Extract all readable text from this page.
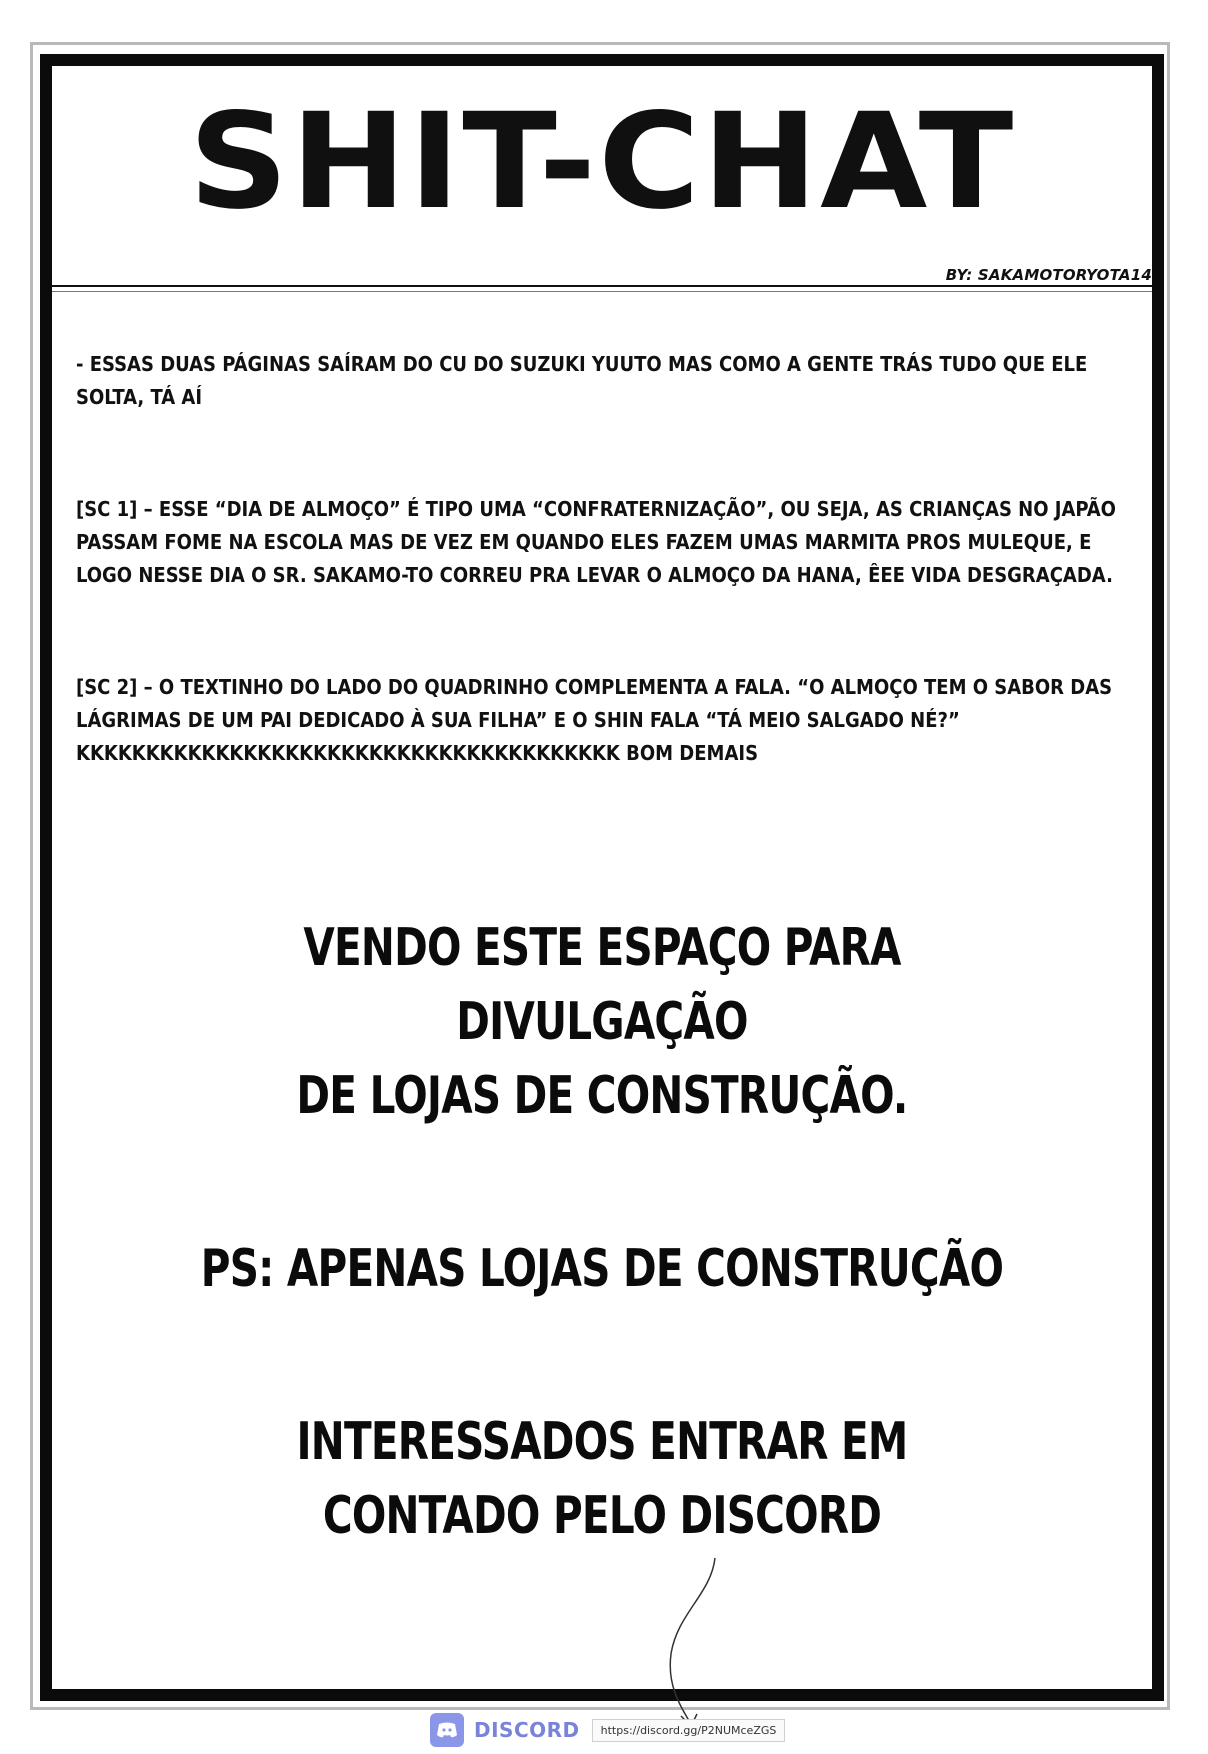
SHIT-CHAT
BY: SAKAMOTORYOTA14

- ESSAS DUAS PÁGINAS SAÍRAM DO CU DO SUZUKI YUUTO MAS COMO A GENTE TRÁS TUDO QUE ELE SOLTA, TÁ AÍ

[SC 1] – ESSE “DIA DE ALMOÇO” É TIPO UMA “CONFRATERNIZAÇÃO”, OU SEJA, AS CRIANÇAS NO JAPÃO PASSAM FOME NA ESCOLA MAS DE VEZ EM QUANDO ELES FAZEM UMAS MARMITA PROS MULEQUE, E LOGO NESSE DIA O SR. SAKAMO-TO CORREU PRA LEVAR O ALMOÇO DA HANA, ÊEE VIDA DESGRAÇADA.

[SC 2] – O TEXTINHO DO LADO DO QUADRINHO COMPLEMENTA A FALA. “O ALMOÇO TEM O SABOR DAS LÁGRIMAS DE UM PAI DEDICADO À SUA FILHA” E O SHIN FALA “TÁ MEIO SALGADO NÉ?” KKKKKKKKKKKKKKKKKKKKKKKKKKKKKKKKKKKKKKK BOM DEMAIS

VENDO ESTE ESPAÇO PARA DIVULGAÇÃO
DE LOJAS DE CONSTRUÇÃO.
PS: APENAS LOJAS DE CONSTRUÇÃO
INTERESSADOS ENTRAR EM
CONTADO PELO DISCORD
DISCORD	https://discord.gg/P2NUMceZGS
